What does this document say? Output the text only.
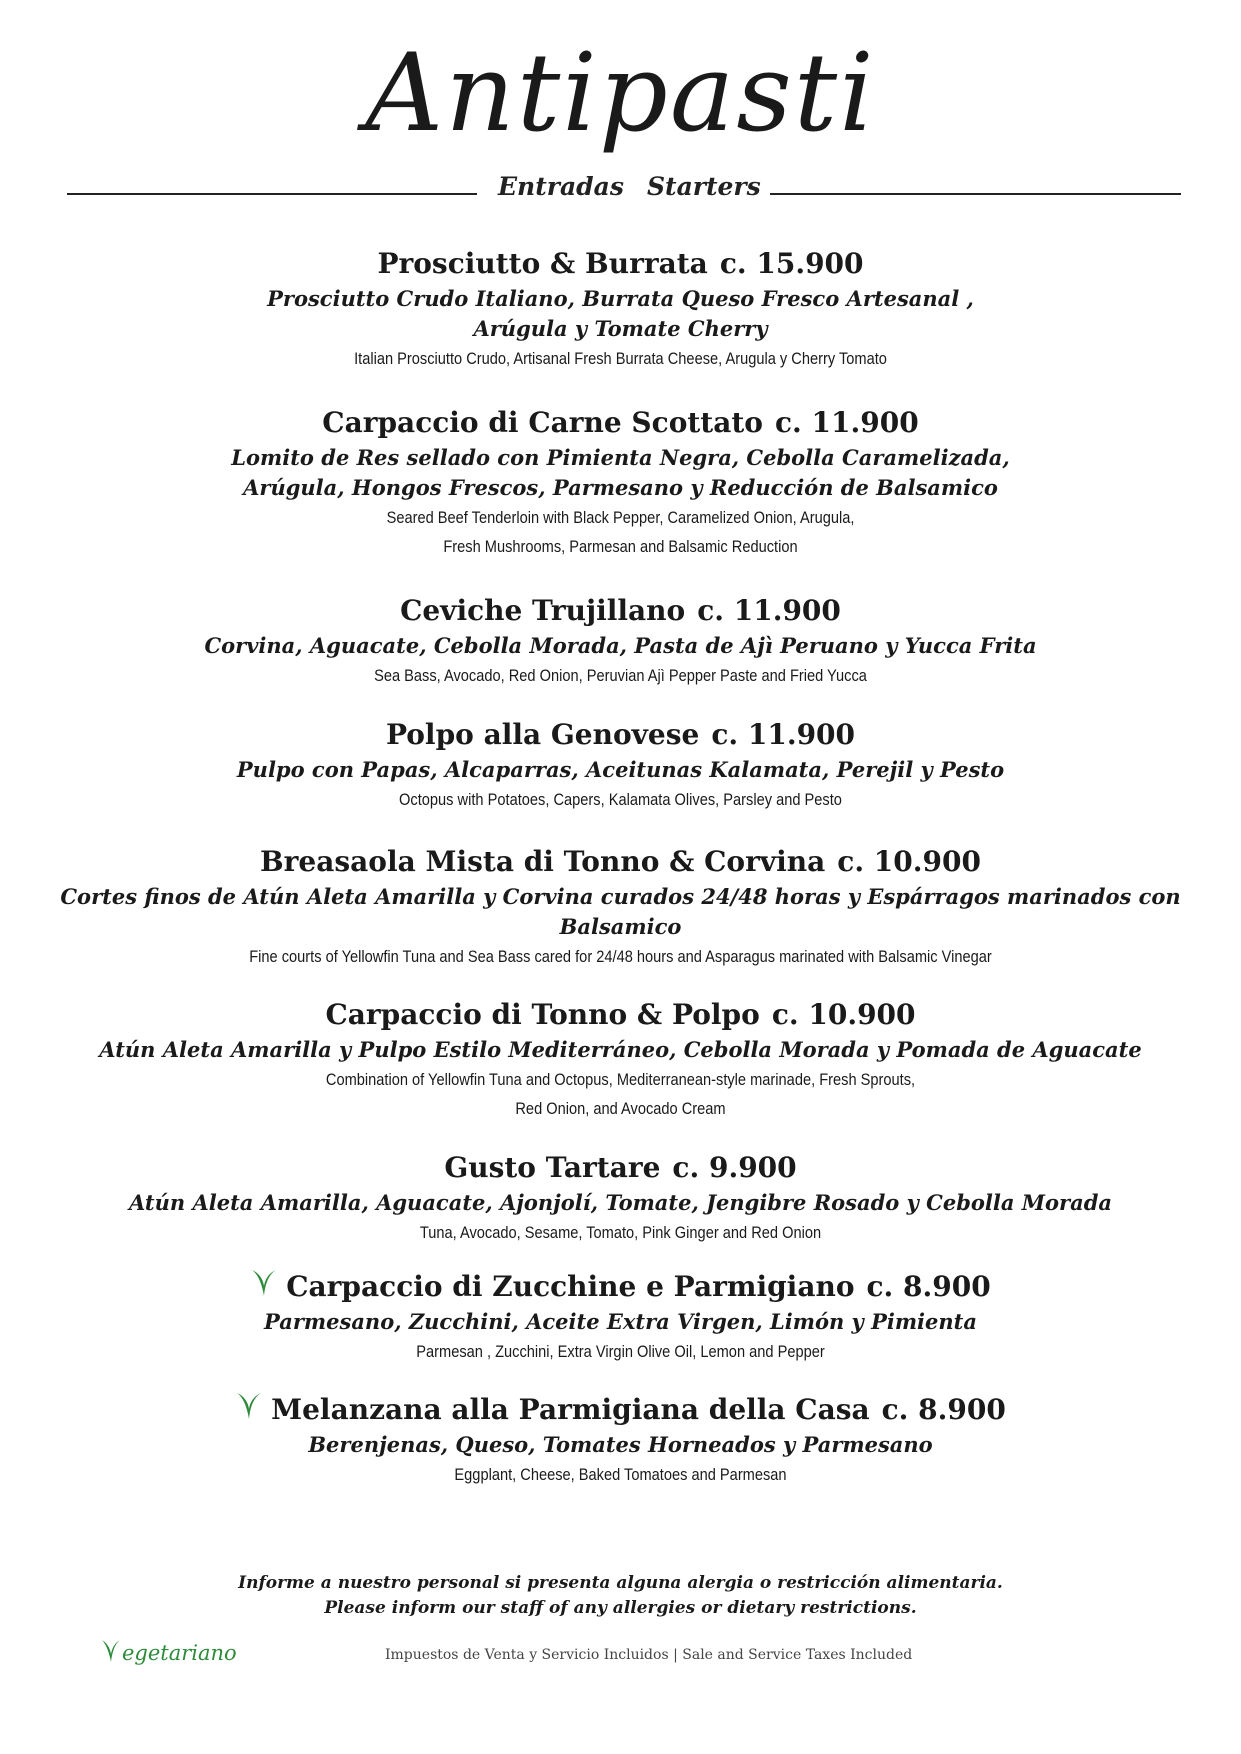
Antipasti
Entradas Starters
Prosciutto & Burrata c. 15.900
Prosciutto Crudo Italiano, Burrata Queso Fresco Artesanal ,
Arúgula y Tomate Cherry
Italian Prosciutto Crudo, Artisanal Fresh Burrata Cheese, Arugula y Cherry Tomato
Carpaccio di Carne Scottato c. 11.900
Lomito de Res sellado con Pimienta Negra, Cebolla Caramelizada,
Arúgula, Hongos Frescos, Parmesano y Reducción de Balsamico
Seared Beef Tenderloin with Black Pepper, Caramelized Onion, Arugula,
Fresh Mushrooms, Parmesan and Balsamic Reduction
Ceviche Trujillano c. 11.900
Corvina, Aguacate, Cebolla Morada, Pasta de Ajì Peruano y Yucca Frita
Sea Bass, Avocado, Red Onion, Peruvian Ajì Pepper Paste and Fried Yucca
Polpo alla Genovese c. 11.900
Pulpo con Papas, Alcaparras, Aceitunas Kalamata, Perejil y Pesto
Octopus with Potatoes, Capers, Kalamata Olives, Parsley and Pesto
Breasaola Mista di Tonno & Corvina c. 10.900
Cortes finos de Atún Aleta Amarilla y Corvina curados 24/48 horas y Espárragos marinados con Balsamico
Fine courts of Yellowfin Tuna and Sea Bass cared for 24/48 hours and Asparagus marinated with Balsamic Vinegar
Carpaccio di Tonno & Polpo c. 10.900
Atún Aleta Amarilla y Pulpo Estilo Mediterráneo, Cebolla Morada y Pomada de Aguacate
Combination of Yellowfin Tuna and Octopus, Mediterranean-style marinade, Fresh Sprouts,
Red Onion, and Avocado Cream
Gusto Tartare c. 9.900
Atún Aleta Amarilla, Aguacate, Ajonjolí, Tomate, Jengibre Rosado y Cebolla Morada
Tuna, Avocado, Sesame, Tomato, Pink Ginger and Red Onion
Carpaccio di Zucchine e Parmigiano c. 8.900
Parmesano, Zucchini, Aceite Extra Virgen, Limón y Pimienta
Parmesan , Zucchini, Extra Virgin Olive Oil, Lemon and Pepper
Melanzana alla Parmigiana della Casa c. 8.900
Berenjenas, Queso, Tomates Horneados y Parmesano
Eggplant, Cheese, Baked Tomatoes and Parmesan
Informe a nuestro personal si presenta alguna alergia o restricción alimentaria.
Please inform our staff of any allergies or dietary restrictions.
egetariano	Impuestos de Venta y Servicio Incluidos | Sale and Service Taxes Included
